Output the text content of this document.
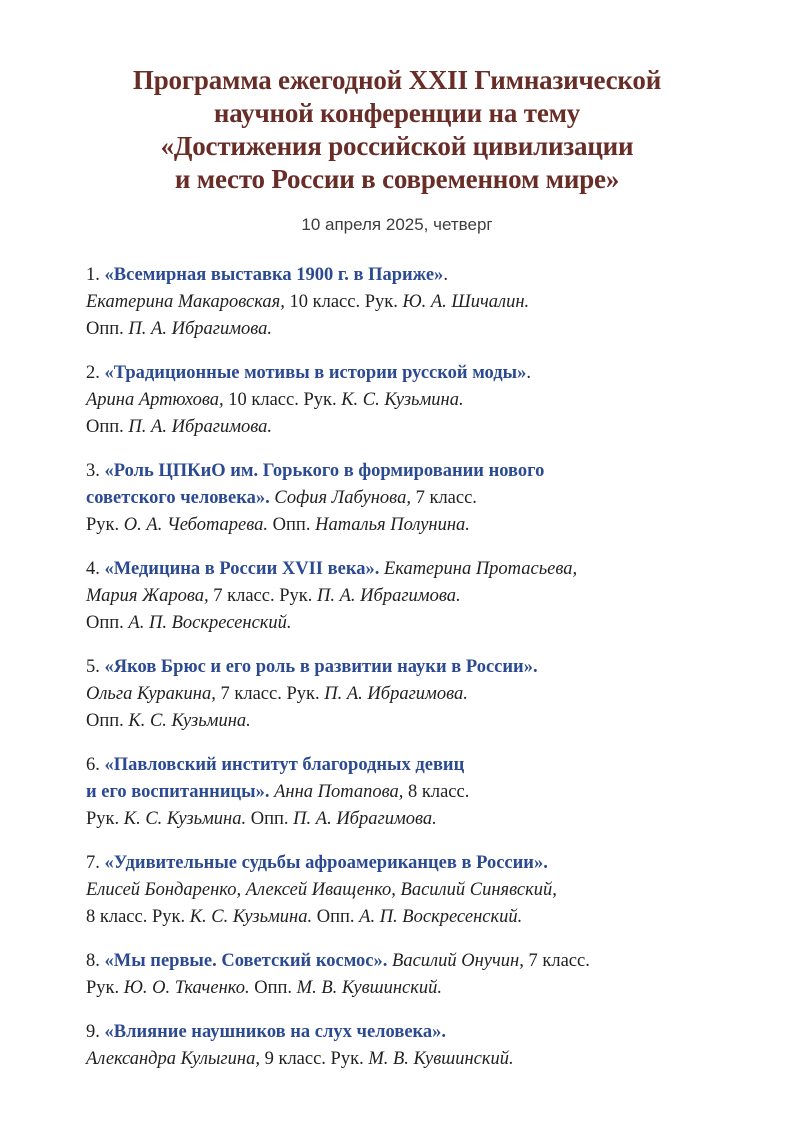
Программа ежегодной XXII Гимназической
научной конференции на тему
«Достижения российской цивилизации
и место России в современном мире»
10 апреля 2025, четверг
1. «Всемирная выставка 1900 г. в Париже».
Екатерина Макаровская, 10 класс. Рук. Ю. А. Шичалин.
Опп. П. А. Ибрагимова.
2. «Традиционные мотивы в истории русской моды».
Арина Артюхова, 10 класс. Рук. К. С. Кузьмина.
Опп. П. А. Ибрагимова.
3. «Роль ЦПКиО им. Горького в формировании нового
советского человека». София Лабунова, 7 класс.
Рук. О. А. Чеботарева. Опп. Наталья Полунина.
4. «Медицина в России XVII века». Екатерина Протасьева,
Мария Жарова, 7 класс. Рук. П. А. Ибрагимова.
Опп. А. П. Воскресенский.
5. «Яков Брюс и его роль в развитии науки в России».
Ольга Куракина, 7 класс. Рук. П. А. Ибрагимова.
Опп. К. С. Кузьмина.
6. «Павловский институт благородных девиц
и его воспитанницы». Анна Потапова, 8 класс.
Рук. К. С. Кузьмина. Опп. П. А. Ибрагимова.
7. «Удивительные судьбы афроамериканцев в России».
Елисей Бондаренко, Алексей Иващенко, Василий Синявский,
8 класс. Рук. К. С. Кузьмина. Опп. А. П. Воскресенский.
8. «Мы первые. Советский космос». Василий Онучин, 7 класс.
Рук. Ю. О. Ткаченко. Опп. М. В. Кувшинский.
9. «Влияние наушников на слух человека».
Александра Кулыгина, 9 класс. Рук. М. В. Кувшинский.
